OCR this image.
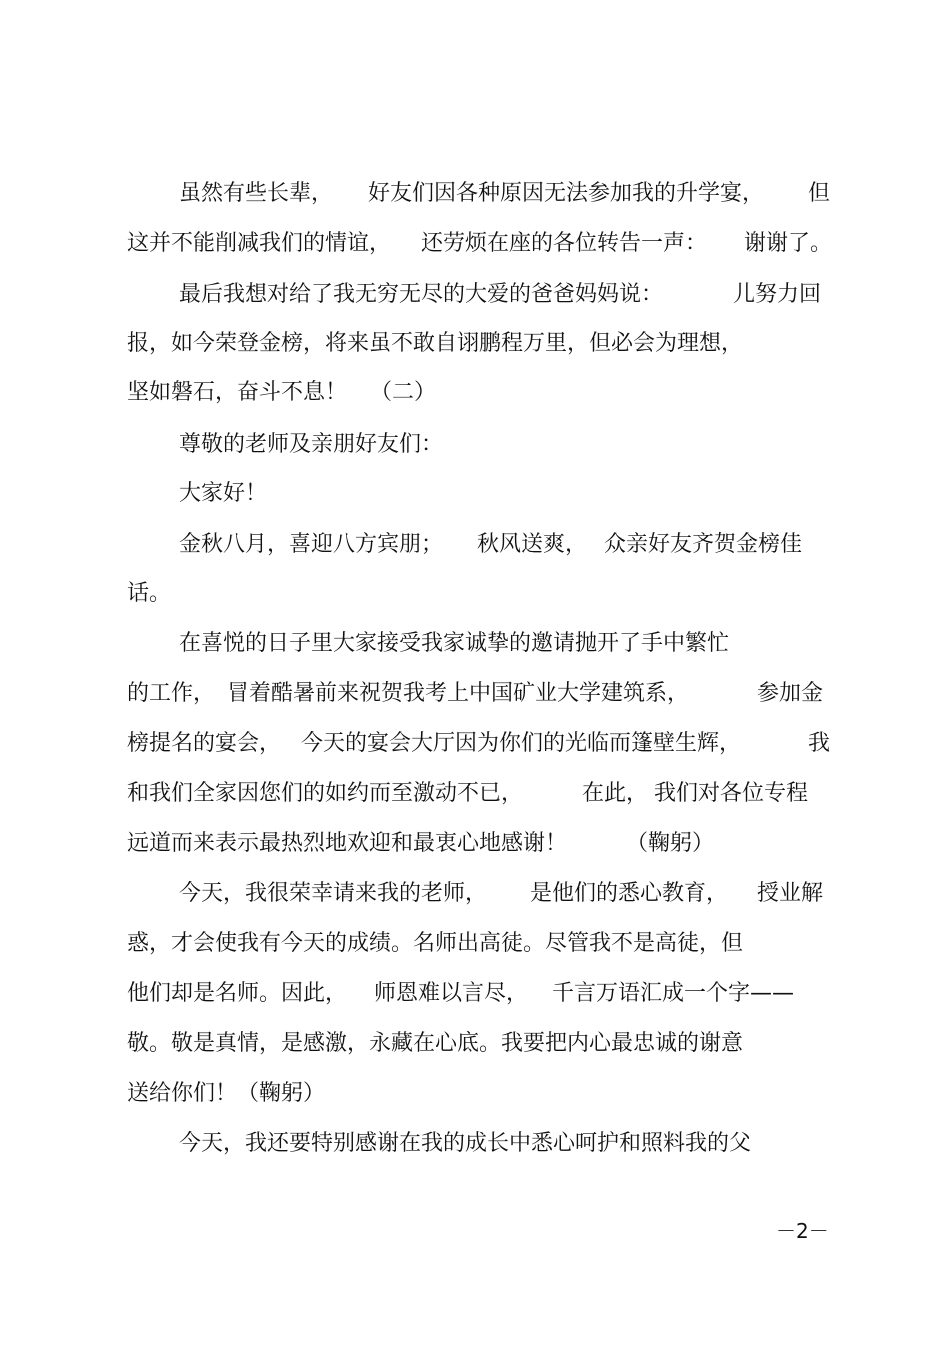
虽然有些长辈，

好友们因各种原因无法参加我的升学宴，

但

这并不能削减我们的情谊，

还劳烦在座的各位转告一声：

谢谢了。

最后我想对给了我无穷无尽的大爱的爸爸妈妈说：

	儿努力回

报，如今荣登金榜，将来虽不敢自诩鹏程万里，但必会为理想，

坚如磐石，奋斗不息！

（二）

尊敬的老师及亲朋好友们：

大家好！

金秋八月，喜迎八方宾朋；

秋风送爽，

众亲好友齐贺金榜佳

话。

在喜悦的日子里大家接受我家诚挚的邀请抛开了手中繁忙

的工作，

冒着酷暑前来祝贺我考上中国矿业大学建筑系，

	参加金

榜提名的宴会，

今天的宴会大厅因为你们的光临而篷壁生辉，

	我

和我们全家因您们的如约而至激动不已，

	在此，

我们对各位专程

远道而来表示最热烈地欢迎和最衷心地感谢！

	（鞠躬）

今天，我很荣幸请来我的老师，

是他们的悉心教育，

授业解

惑，才会使我有今天的成绩。名师出高徒。尽管我不是高徒，但

他们却是名师。因此，

师恩难以言尽，

千言万语汇成一个字——

敬。敬是真情，是感激，永藏在心底。我要把内心最忠诚的谢意

送给你们！（鞠躬）

今天，我还要特别感谢在我的成长中悉心呵护和照料我的父

－2－
